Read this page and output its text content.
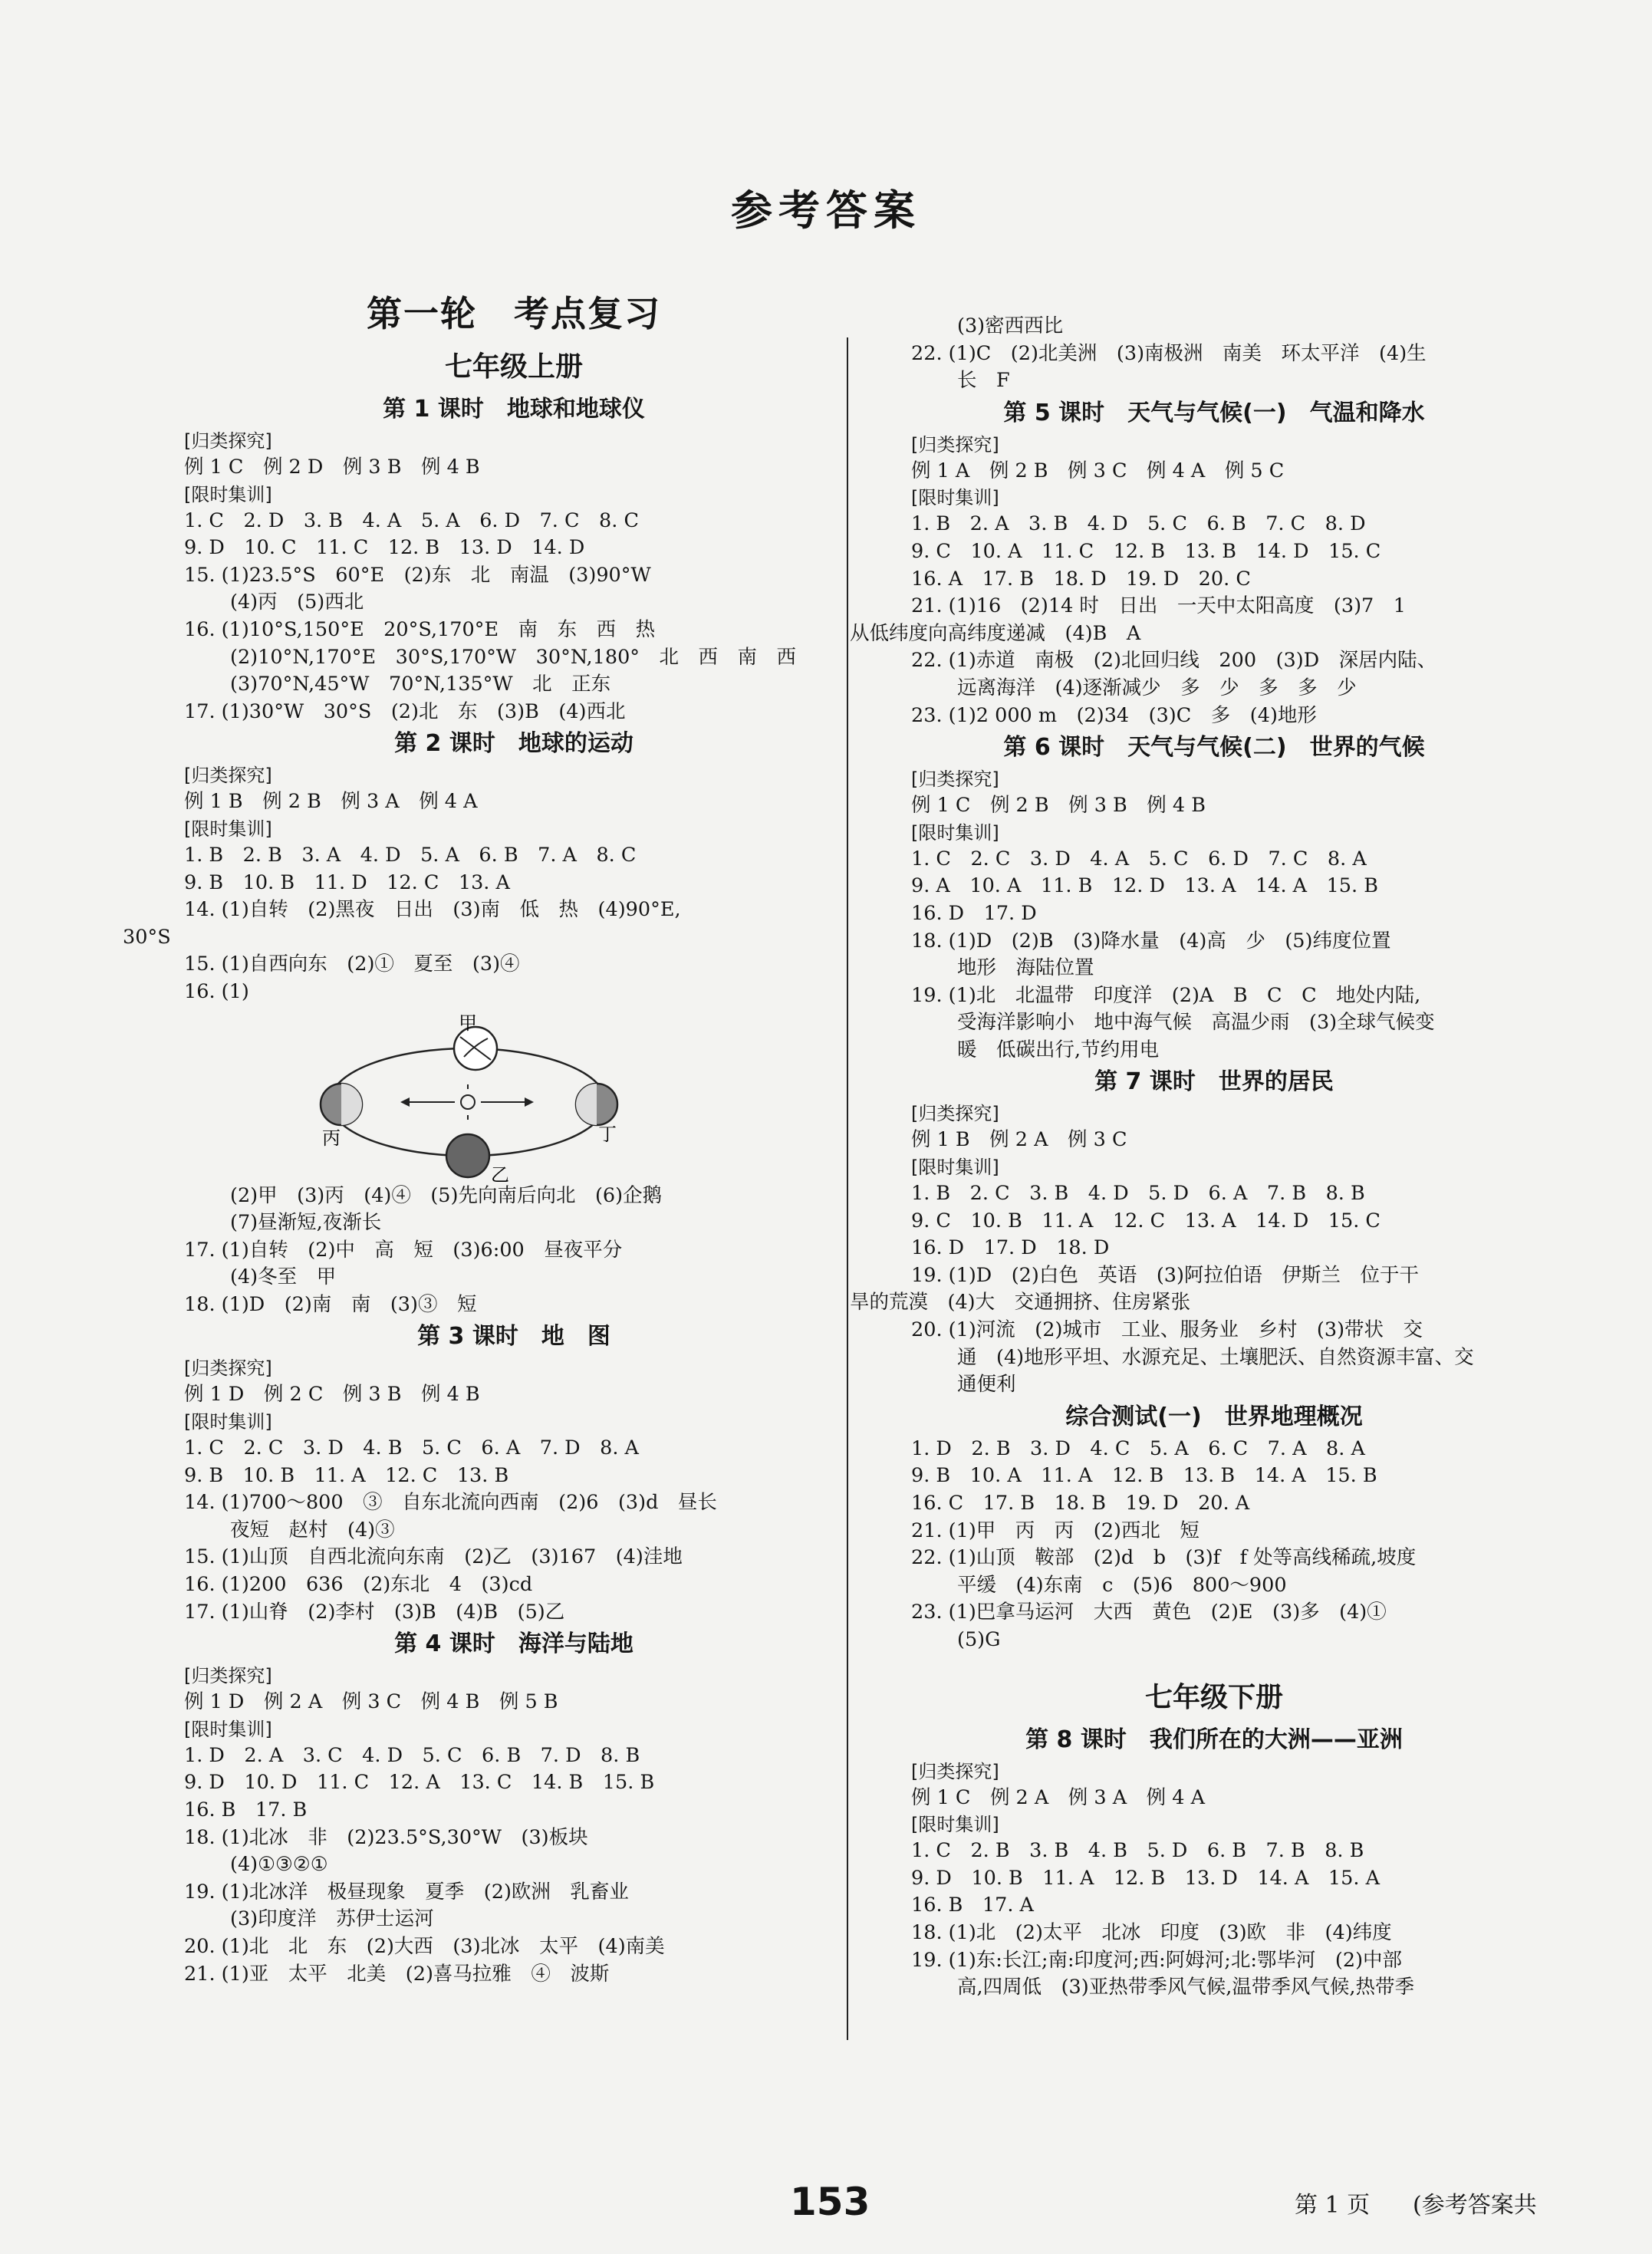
参考答案
第一轮　考点复习
七年级上册
第 1 课时　地球和地球仪
[归类探究]
例 1 C　例 2 D　例 3 B　例 4 B
[限时集训]
1. C　2. D　3. B　4. A　5. A　6. D　7. C　8. C
9. D　10. C　11. C　12. B　13. D　14. D
15. (1)23.5°S　60°E　(2)东　北　南温　(3)90°W
(4)丙　(5)西北
16. (1)10°S,150°E　20°S,170°E　南　东　西　热
(2)10°N,170°E　30°S,170°W　30°N,180°　北　西　南　西
(3)70°N,45°W　70°N,135°W　北　正东
17. (1)30°W　30°S　(2)北　东　(3)B　(4)西北
第 2 课时　地球的运动
[归类探究]
例 1 B　例 2 B　例 3 A　例 4 A
[限时集训]
1. B　2. B　3. A　4. D　5. A　6. B　7. A　8. C
9. B　10. B　11. D　12. C　13. A
14. (1)自转　(2)黑夜　日出　(3)南　低　热　(4)90°E,
30°S
15. (1)自西向东　(2)①　夏至　(3)④
16. (1)
甲
丙	丁
乙
(2)甲　(3)丙　(4)④　(5)先向南后向北　(6)企鹅
(7)昼渐短,夜渐长
17. (1)自转　(2)中　高　短　(3)6:00　昼夜平分
(4)冬至　甲
18. (1)D　(2)南　南　(3)③　短
第 3 课时　地　图
[归类探究]
例 1 D　例 2 C　例 3 B　例 4 B
[限时集训]
1. C　2. C　3. D　4. B　5. C　6. A　7. D　8. A
9. B　10. B　11. A　12. C　13. B
14. (1)700～800　③　自东北流向西南　(2)6　(3)d　昼长
夜短　赵村　(4)③
15. (1)山顶　自西北流向东南　(2)乙　(3)167　(4)洼地
16. (1)200　636　(2)东北　4　(3)cd
17. (1)山脊　(2)李村　(3)B　(4)B　(5)乙
第 4 课时　海洋与陆地
[归类探究]
例 1 D　例 2 A　例 3 C　例 4 B　例 5 B
[限时集训]
1. D　2. A　3. C　4. D　5. C　6. B　7. D　8. B
9. D　10. D　11. C　12. A　13. C　14. B　15. B
16. B　17. B
18. (1)北冰　非　(2)23.5°S,30°W　(3)板块
(4)①③②①
19. (1)北冰洋　极昼现象　夏季　(2)欧洲　乳畜业
(3)印度洋　苏伊士运河
20. (1)北　北　东　(2)大西　(3)北冰　太平　(4)南美
21. (1)亚　太平　北美　(2)喜马拉雅　④　波斯
(3)密西西比
22. (1)C　(2)北美洲　(3)南极洲　南美　环太平洋　(4)生
长　F
第 5 课时　天气与气候(一)　气温和降水
[归类探究]
例 1 A　例 2 B　例 3 C　例 4 A　例 5 C
[限时集训]
1. B　2. A　3. B　4. D　5. C　6. B　7. C　8. D
9. C　10. A　11. C　12. B　13. B　14. D　15. C
16. A　17. B　18. D　19. D　20. C
21. (1)16　(2)14 时　日出　一天中太阳高度　(3)7　1
从低纬度向高纬度递减　(4)B　A
22. (1)赤道　南极　(2)北回归线　200　(3)D　深居内陆、
远离海洋　(4)逐渐减少　多　少　多　多　少
23. (1)2 000 m　(2)34　(3)C　多　(4)地形
第 6 课时　天气与气候(二)　世界的气候
[归类探究]
例 1 C　例 2 B　例 3 B　例 4 B
[限时集训]
1. C　2. C　3. D　4. A　5. C　6. D　7. C　8. A
9. A　10. A　11. B　12. D　13. A　14. A　15. B
16. D　17. D
18. (1)D　(2)B　(3)降水量　(4)高　少　(5)纬度位置
地形　海陆位置
19. (1)北　北温带　印度洋　(2)A　B　C　C　地处内陆,
受海洋影响小　地中海气候　高温少雨　(3)全球气候变
暖　低碳出行,节约用电
第 7 课时　世界的居民
[归类探究]
例 1 B　例 2 A　例 3 C
[限时集训]
1. B　2. C　3. B　4. D　5. D　6. A　7. B　8. B
9. C　10. B　11. A　12. C　13. A　14. D　15. C
16. D　17. D　18. D
19. (1)D　(2)白色　英语　(3)阿拉伯语　伊斯兰　位于干
旱的荒漠　(4)大　交通拥挤、住房紧张
20. (1)河流　(2)城市　工业、服务业　乡村　(3)带状　交
通　(4)地形平坦、水源充足、土壤肥沃、自然资源丰富、交
通便利
综合测试(一)　世界地理概况
1. D　2. B　3. D　4. C　5. A　6. C　7. A　8. A
9. B　10. A　11. A　12. B　13. B　14. A　15. B
16. C　17. B　18. B　19. D　20. A
21. (1)甲　丙　丙　(2)西北　短
22. (1)山顶　鞍部　(2)d　b　(3)f　f 处等高线稀疏,坡度
平缓　(4)东南　c　(5)6　800～900
23. (1)巴拿马运河　大西　黄色　(2)E　(3)多　(4)①
(5)G
七年级下册
第 8 课时　我们所在的大洲——亚洲
[归类探究]
例 1 C　例 2 A　例 3 A　例 4 A
[限时集训]
1. C　2. B　3. B　4. B　5. D　6. B　7. B　8. B
9. D　10. B　11. A　12. B　13. D　14. A　15. A
16. B　17. A
18. (1)北　(2)太平　北冰　印度　(3)欧　非　(4)纬度
19. (1)东:长江;南:印度河;西:阿姆河;北:鄂毕河　(2)中部
高,四周低　(3)亚热带季风气候,温带季风气候,热带季
153	第 1 页 (参考答案共
